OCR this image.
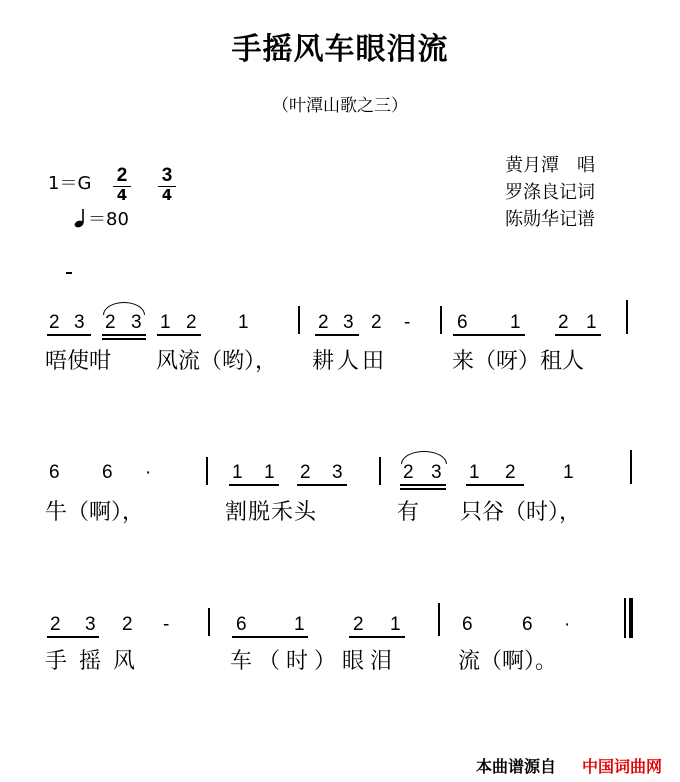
手摇风车眼泪流
（叶潭山歌之三）
黄月潭　唱
罗涤良记词
陈勋华记谱
1＝G 2
4
3
4
＝80
2 3 2 3 1 2 1	2 3 2 - 6 1 2 1
唔使咁 风流（哟）， 耕人田	来（呀）租人
6 6 ·	1 1 2 3	2 3 1 2 1
牛（啊），	割脱禾头	有 只谷（时），
2 3 2 -	6 1	2 1	6	6 ·
手摇风	车（时）眼泪	流（啊）。
本曲谱源自 中国词曲网
